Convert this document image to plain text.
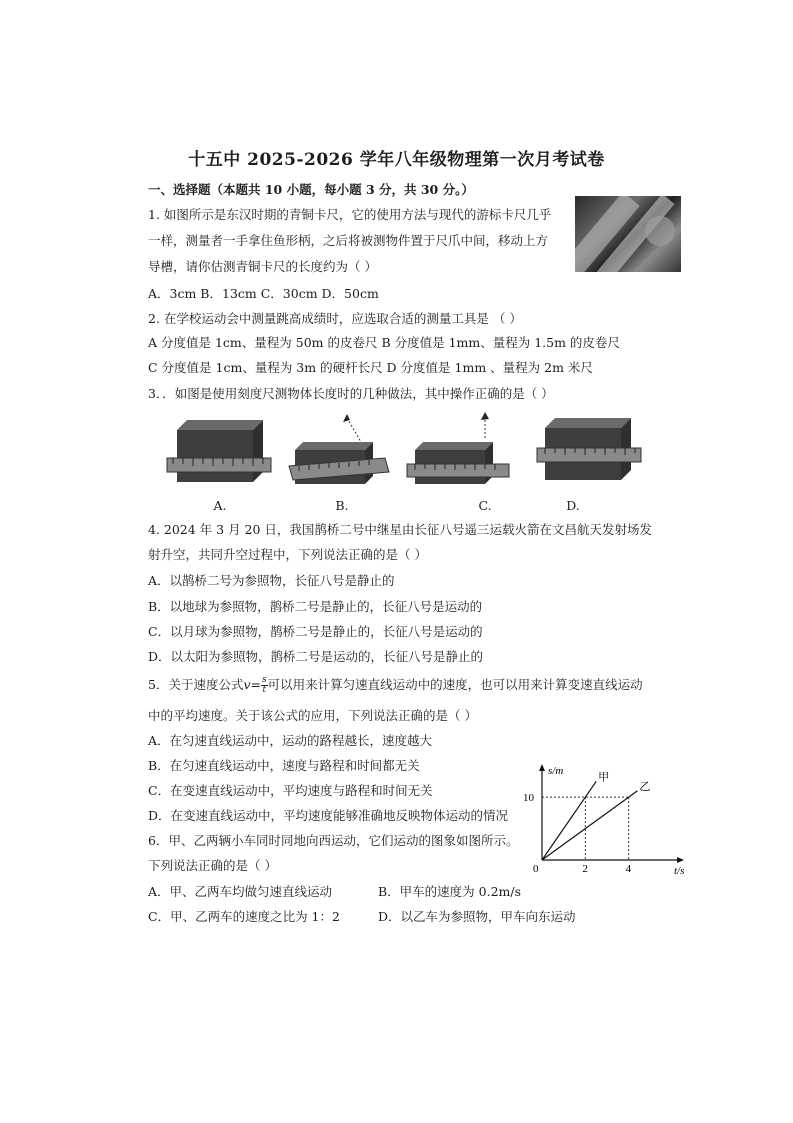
十五中 2025-2026 学年八年级物理第一次月考试卷
一、选择题（本题共 10 小题，每小题 3 分，共 30 分。）
1. 如图所示是东汉时期的青铜卡尺，它的使用方法与现代的游标卡尺几乎
一样，测量者一手拿住鱼形柄，之后将被测物件置于尺爪中间，移动上方
导槽，请你估测青铜卡尺的长度约为（ ）
A．3cm B．13cm C．30cm D．50cm
2. 在学校运动会中测量跳高成绩时，应选取合适的测量工具是 （ ）
A 分度值是 1cm、量程为 50m 的皮卷尺 B 分度值是 1mm、量程为 1.5m 的皮卷尺
C 分度值是 1cm、量程为 3m 的硬杆长尺 D 分度值是 1mm 、量程为 2m 米尺
3．．如图是使用刻度尺测物体长度时的几种做法，其中操作正确的是（ ）
A.	B.	C.	D.
4. 2024 年 3 月 20 日，我国鹊桥二号中继星由长征八号遥三运载火箭在文昌航天发射场发
射升空，共同升空过程中，下列说法正确的是（ ）
A．以鹊桥二号为参照物，长征八号是静止的
B．以地球为参照物，鹊桥二号是静止的，长征八号是运动的
C．以月球为参照物，鹊桥二号是静止的，长征八号是运动的
D．以太阳为参照物，鹊桥二号是运动的，长征八号是静止的
5．关于速度公式$v= \frac{s}{t}$ 可以用来计算匀速直线运动中的速度，也可以用来计算变速直线运动
中的平均速度。关于该公式的应用，下列说法正确的是（ ）
A．在匀速直线运动中，运动的路程越长，速度越大
B．在匀速直线运动中，速度与路程和时间都无关
C．在变速直线运动中，平均速度与路程和时间无关
D．在变速直线运动中，平均速度能够准确地反映物体运动的情况
6．甲、乙两辆小车同时同地向西运动，它们运动的图象如图所示。
下列说法正确的是（ ）
A．甲、乙两车均做匀速直线运动	B．甲车的速度为 0.2m/s
C．甲、乙两车的速度之比为 1：2	D．以乙车为参照物，甲车向东运动
2	4
甲
乙
10
0
s/m
t/s
